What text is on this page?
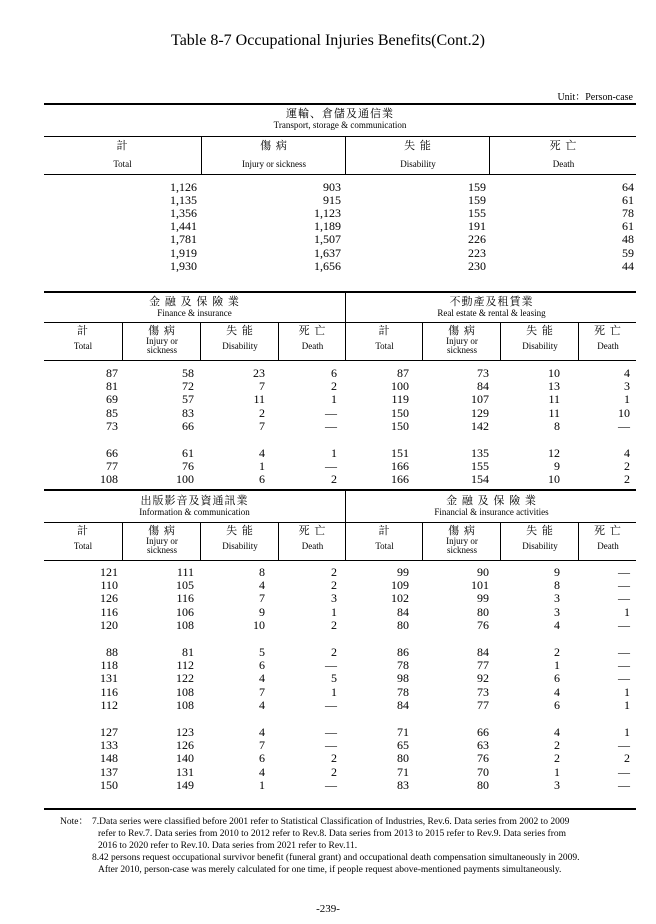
Table 8-7 Occupational Injuries Benefits(Cont.2)
Unit：Person-case
運輸、倉儲及通信業
Transport, storage & communication
計
Total
傷 病
Injury or sickness
失 能
Disability
死 亡
Death
1,126	903	159	64
1,135	915	159	61
1,356	1,123	155	78
1,441	1,189	191	61
1,781	1,507	226	48
1,919	1,637	223	59
1,930	1,656	230	44
金 融 及 保 險 業
Finance & insurance
不動產及租賃業
Real estate & rental & leasing
計
Total
傷 病
Injury or
sickness
失 能
Disability
死 亡
Death
計
Total
傷 病
Injury or
sickness
失 能
Disability
死 亡
Death
87	58	23	6	87	73	10	4
81	72	7	2	100	84	13	3
69	57	11	1	119	107	11	1
85	83	2	—	150	129	11	10
73	66	7	—	150	142	8	—
66	61	4	1	151	135	12	4
77	76	1	—	166	155	9	2
108	100	6	2	166	154	10	2
出版影音及資通訊業
Information & communication
金 融 及 保 險 業
Financial & insurance activities
計
Total
傷 病
Injury or
sickness
失 能
Disability
死 亡
Death
計
Total
傷 病
Injury or
sickness
失 能
Disability
死 亡
Death
121	111	8	2	99	90	9	—
110	105	4	2	109	101	8	—
126	116	7	3	102	99	3	—
116	106	9	1	84	80	3	1
120	108	10	2	80	76	4	—
88	81	5	2	86	84	2	—
118	112	6	—	78	77	1	—
131	122	4	5	98	92	6	—
116	108	7	1	78	73	4	1
112	108	4	—	84	77	6	1
127	123	4	—	71	66	4	1
133	126	7	—	65	63	2	—
148	140	6	2	80	76	2	2
137	131	4	2	71	70	1	—
150	149	1	—	83	80	3	—
Note： 7.Data series were classified before 2001 refer to Statistical Classification of Industries, Rev.6. Data series from 2002 to 2009
refer to Rev.7. Data series from 2010 to 2012 refer to Rev.8. Data series from 2013 to 2015 refer to Rev.9. Data series from
2016 to 2020 refer to Rev.10. Data series from 2021 refer to Rev.11.
8.42 persons request occupational survivor benefit (funeral grant) and occupational death compensation simultaneously in 2009.
After 2010, person-case was merely calculated for one time, if people request above-mentioned payments simultaneously.
-239-
